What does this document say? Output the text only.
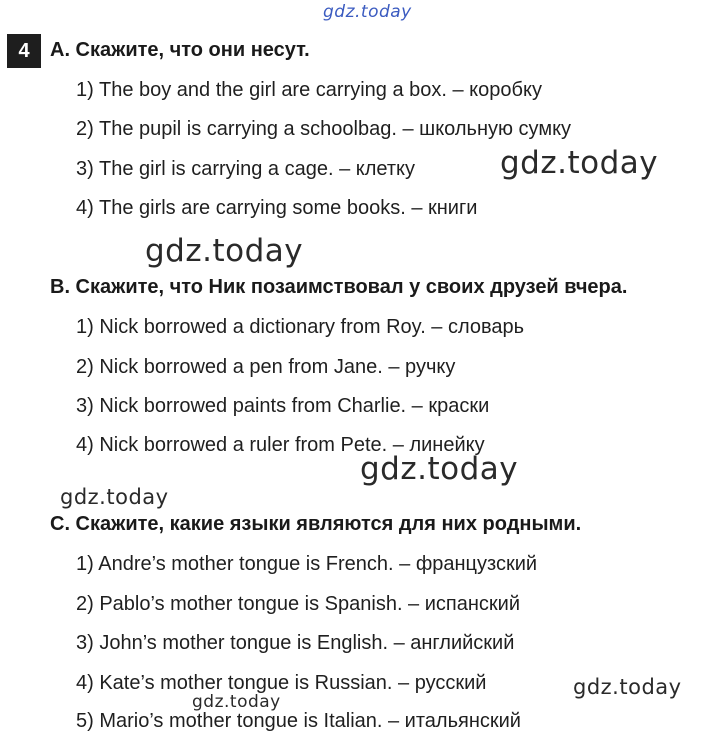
gdz.today
4	A. Скажите, что они несут.
1) The boy and the girl are carrying a box. – коробку
2) The pupil is carrying a schoolbag. – школьную сумку
3) The girl is carrying a cage. – клетку
4) The girls are carrying some books. – книги
gdz.today
gdz.today
B. Скажите, что Ник позаимствовал у своих друзей вчера.
1) Nick borrowed a dictionary from Roy. – словарь
2) Nick borrowed a pen from Jane. – ручку
3) Nick borrowed paints from Charlie. – краски
4) Nick borrowed a ruler from Pete. – линейку
gdz.today
gdz.today
C. Скажите, какие языки являются для них родными.
1) Andre’s mother tongue is French. – французский
2) Pablo’s mother tongue is Spanish. – испанский
3) John’s mother tongue is English. – английский
4) Kate’s mother tongue is Russian. – русский
5) Mario’s mother tongue is Italian. – итальянский
gdz.today
gdz.today
